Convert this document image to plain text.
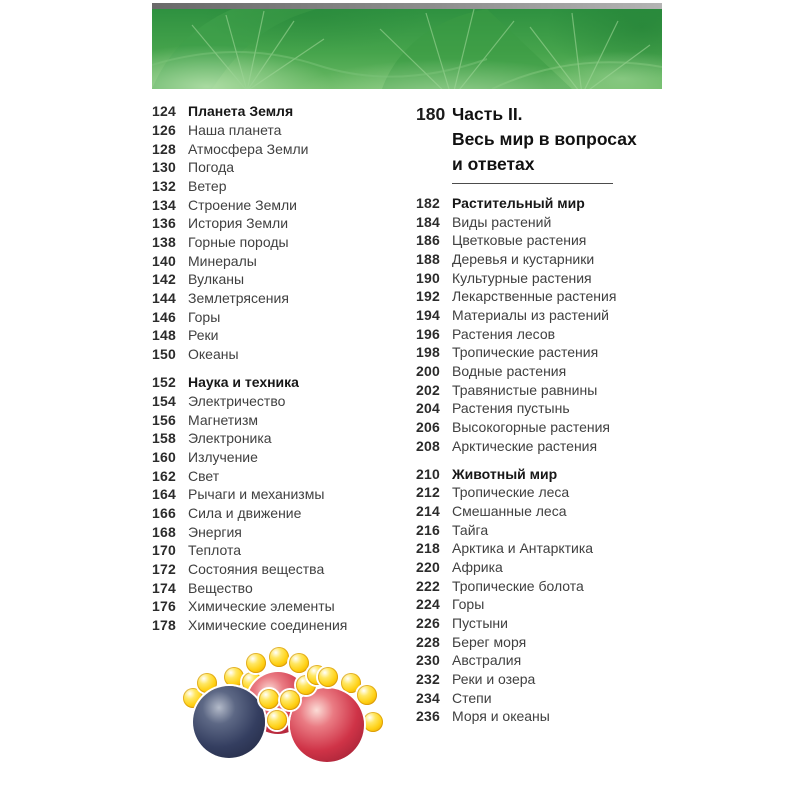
124 Планета Земля
126 Наша планета
128 Атмосфера Земли
130 Погода
132 Ветер
134 Строение Земли
136 История Земли
138 Горные породы
140 Минералы
142 Вулканы
144 Землетрясения
146 Горы
148 Реки
150 Океаны
152 Наука и техника
154 Электричество
156 Магнетизм
158 Электроника
160 Излучение
162 Свет
164 Рычаги и механизмы
166 Сила и движение
168 Энергия
170 Теплота
172 Состояния вещества
174 Вещество
176 Химические элементы
178 Химические соединения
180 Часть II.
Весь мир в вопросах
и ответах
182 Растительный мир
184 Виды растений
186 Цветковые растения
188 Деревья и кустарники
190 Культурные растения
192 Лекарственные растения
194 Материалы из растений
196 Растения лесов
198 Тропические растения
200 Водные растения
202 Травянистые равнины
204 Растения пустынь
206 Высокогорные растения
208 Арктические растения
210 Животный мир
212 Тропические леса
214 Смешанные леса
216 Тайга
218 Арктика и Антарктика
220 Африка
222 Тропические болота
224 Горы
226 Пустыни
228 Берег моря
230 Австралия
232 Реки и озера
234 Степи
236 Моря и океаны
